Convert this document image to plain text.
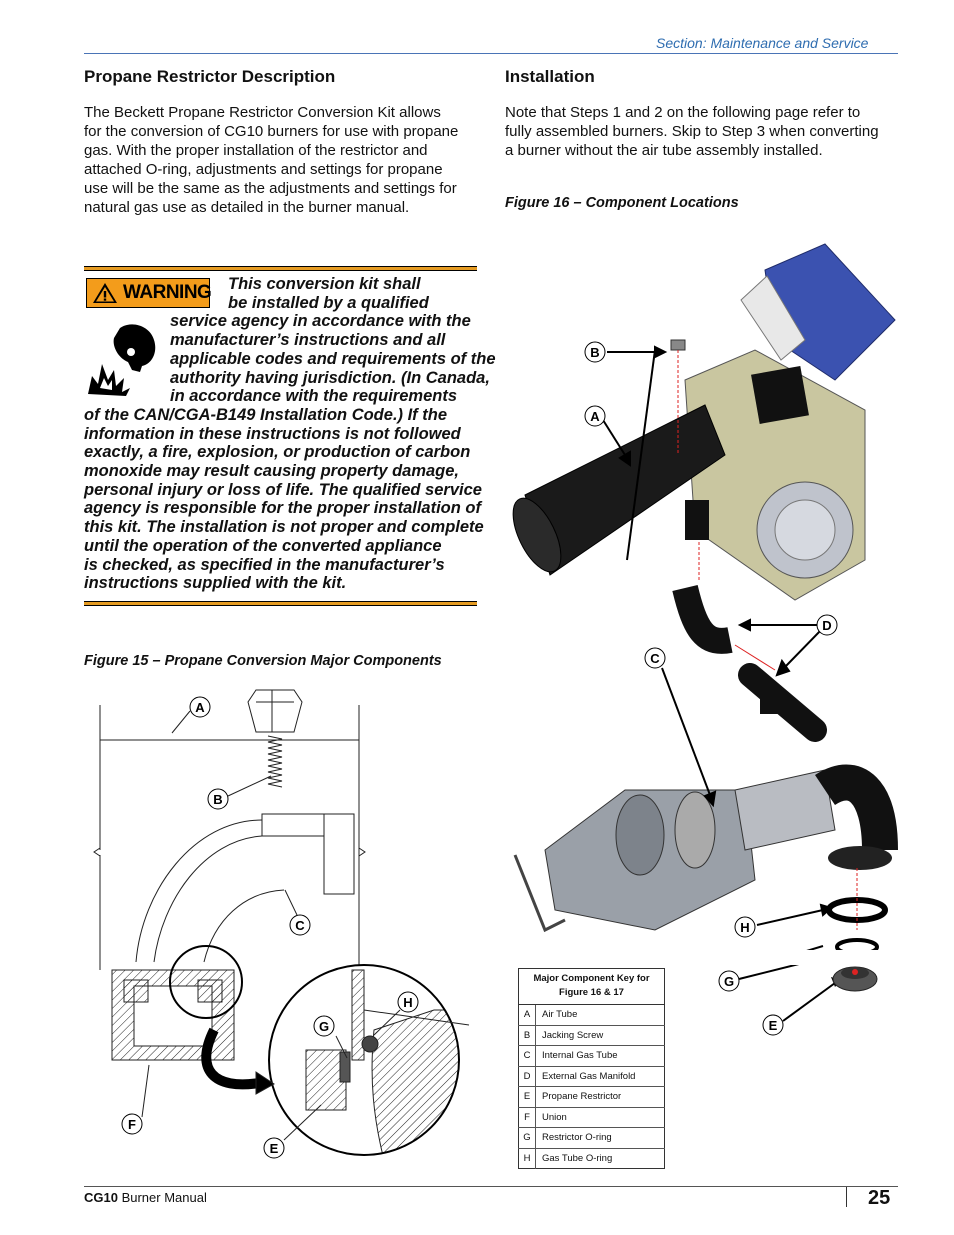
Section: Maintenance and Service
Propane Restrictor Description
The Beckett Propane Restrictor Conversion Kit allows
for the conversion of CG10 burners for use with propane
gas. With the proper installation of the restrictor and
attached O-ring, adjustments and settings for propane
use will be the same as the adjustments and settings for
natural gas use as detailed in the burner manual.
WARNING This conversion kit shall
be installed by a qualified
service agency in accordance with the
manufacturer’s instructions and all
applicable codes and requirements of the
authority having jurisdiction. (In Canada,
in accordance with the requirements
of the CAN/CGA-B149 Installation Code.) If the
information in these instructions is not followed
exactly, a fire, explosion, or production of carbon
monoxide may result causing property damage,
personal injury or loss of life. The qualified service
agency is responsible for the proper installation of
this kit. The installation is not proper and complete
until the operation of the converted appliance
is checked, as specified in the manufacturer’s
instructions supplied with the kit.
Figure 15 – Propane Conversion Major Components
A
B
C
H
G
F
E
Installation
Note that Steps 1 and 2 on the following page refer to
fully assembled burners. Skip to Step 3 when converting
a burner without the air tube assembly installed.
Figure 16 – Component Locations
B
A
D
C
H
G
E
Major Component Key for
Figure 16 & 17	

A	Air Tube
B	Jacking Screw
C	Internal Gas Tube
D	External Gas Manifold
E	Propane Restrictor
F	Union
G	Restrictor O-ring
H	Gas Tube O-ring
CG10 Burner Manual	25
